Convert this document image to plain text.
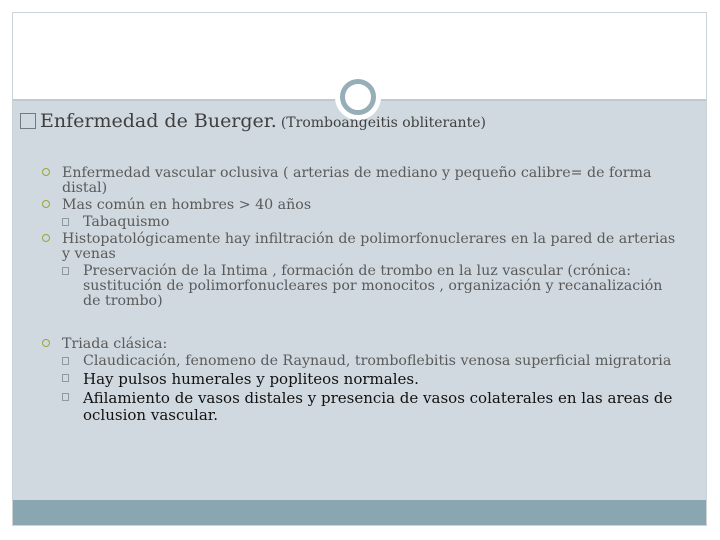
Enfermedad de Buerger. (Tromboangeitis obliterante)
Enfermedad vascular oclusiva ( arterias de mediano y pequeño calibre= de forma distal)
Mas común en hombres > 40 años
Tabaquismo
Histopatológicamente hay infiltración de polimorfonuclerares en la pared de arterias y venas
Preservación de la Intima , formación de trombo en la luz vascular (crónica: sustitución de polimorfonucleares por monocitos , organización y recanalización de trombo)
Triada clásica:
Claudicación, fenomeno de Raynaud, tromboflebitis venosa superficial migratoria
Hay pulsos humerales y popliteos normales.
Afilamiento de vasos distales y presencia de vasos colaterales en las areas de oclusion vascular.
